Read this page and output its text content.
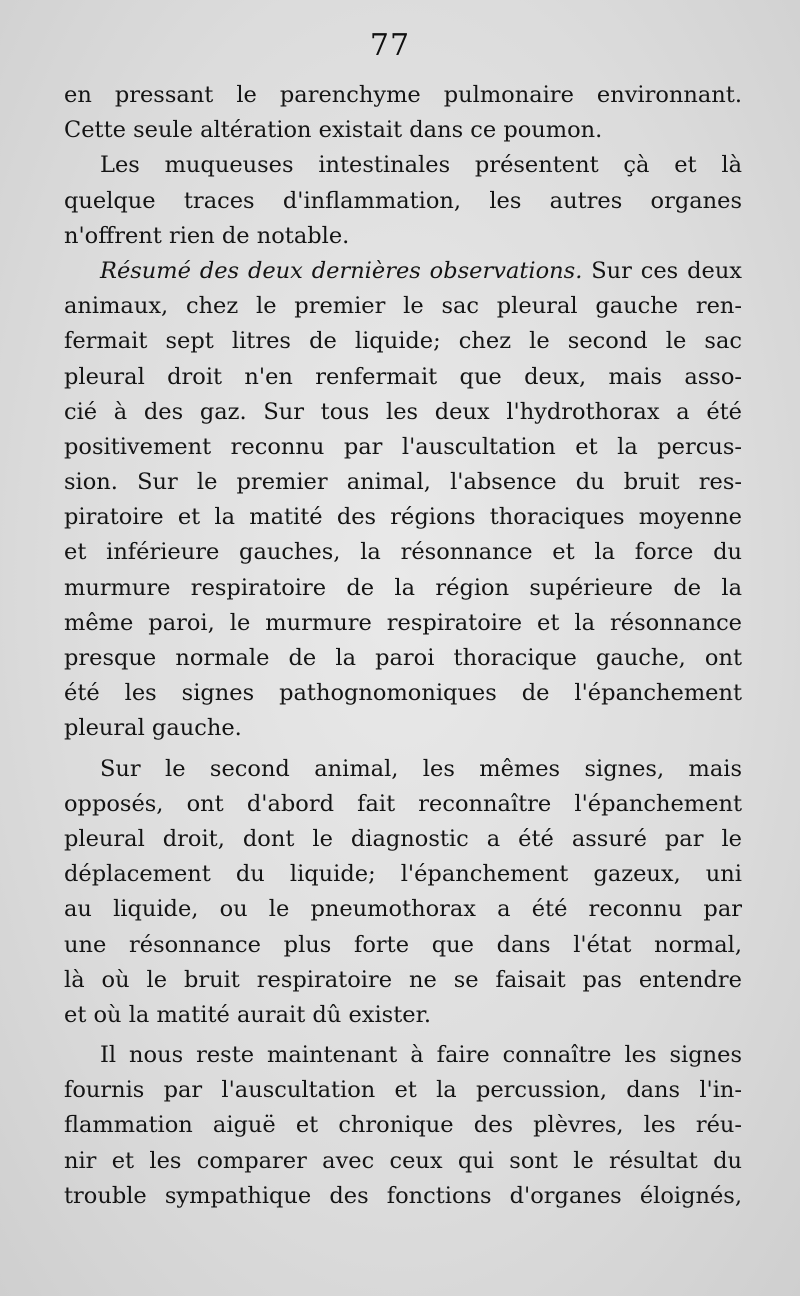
77
en pressant le parenchyme pulmonaire environnant.
Cette seule altération existait dans ce poumon.
Les muqueuses intestinales présentent çà et là
quelque traces d'inflammation, les autres organes
n'offrent rien de notable.
Résumé des deux dernières observations. Sur ces deux
animaux, chez le premier le sac pleural gauche ren-
fermait sept litres de liquide; chez le second le sac
pleural droit n'en renfermait que deux, mais asso-
cié à des gaz. Sur tous les deux l'hydrothorax a été
positivement reconnu par l'auscultation et la percus-
sion. Sur le premier animal, l'absence du bruit res-
piratoire et la matité des régions thoraciques moyenne
et inférieure gauches, la résonnance et la force du
murmure respiratoire de la région supérieure de la
même paroi, le murmure respiratoire et la résonnance
presque normale de la paroi thoracique gauche, ont
été les signes pathognomoniques de l'épanchement
pleural gauche.
Sur le second animal, les mêmes signes, mais
opposés, ont d'abord fait reconnaître l'épanchement
pleural droit, dont le diagnostic a été assuré par le
déplacement du liquide; l'épanchement gazeux, uni
au liquide, ou le pneumothorax a été reconnu par
une résonnance plus forte que dans l'état normal,
là où le bruit respiratoire ne se faisait pas entendre
et où la matité aurait dû exister.
Il nous reste maintenant à faire connaître les signes
fournis par l'auscultation et la percussion, dans l'in-
flammation aiguë et chronique des plèvres, les réu-
nir et les comparer avec ceux qui sont le résultat du
trouble sympathique des fonctions d'organes éloignés,
